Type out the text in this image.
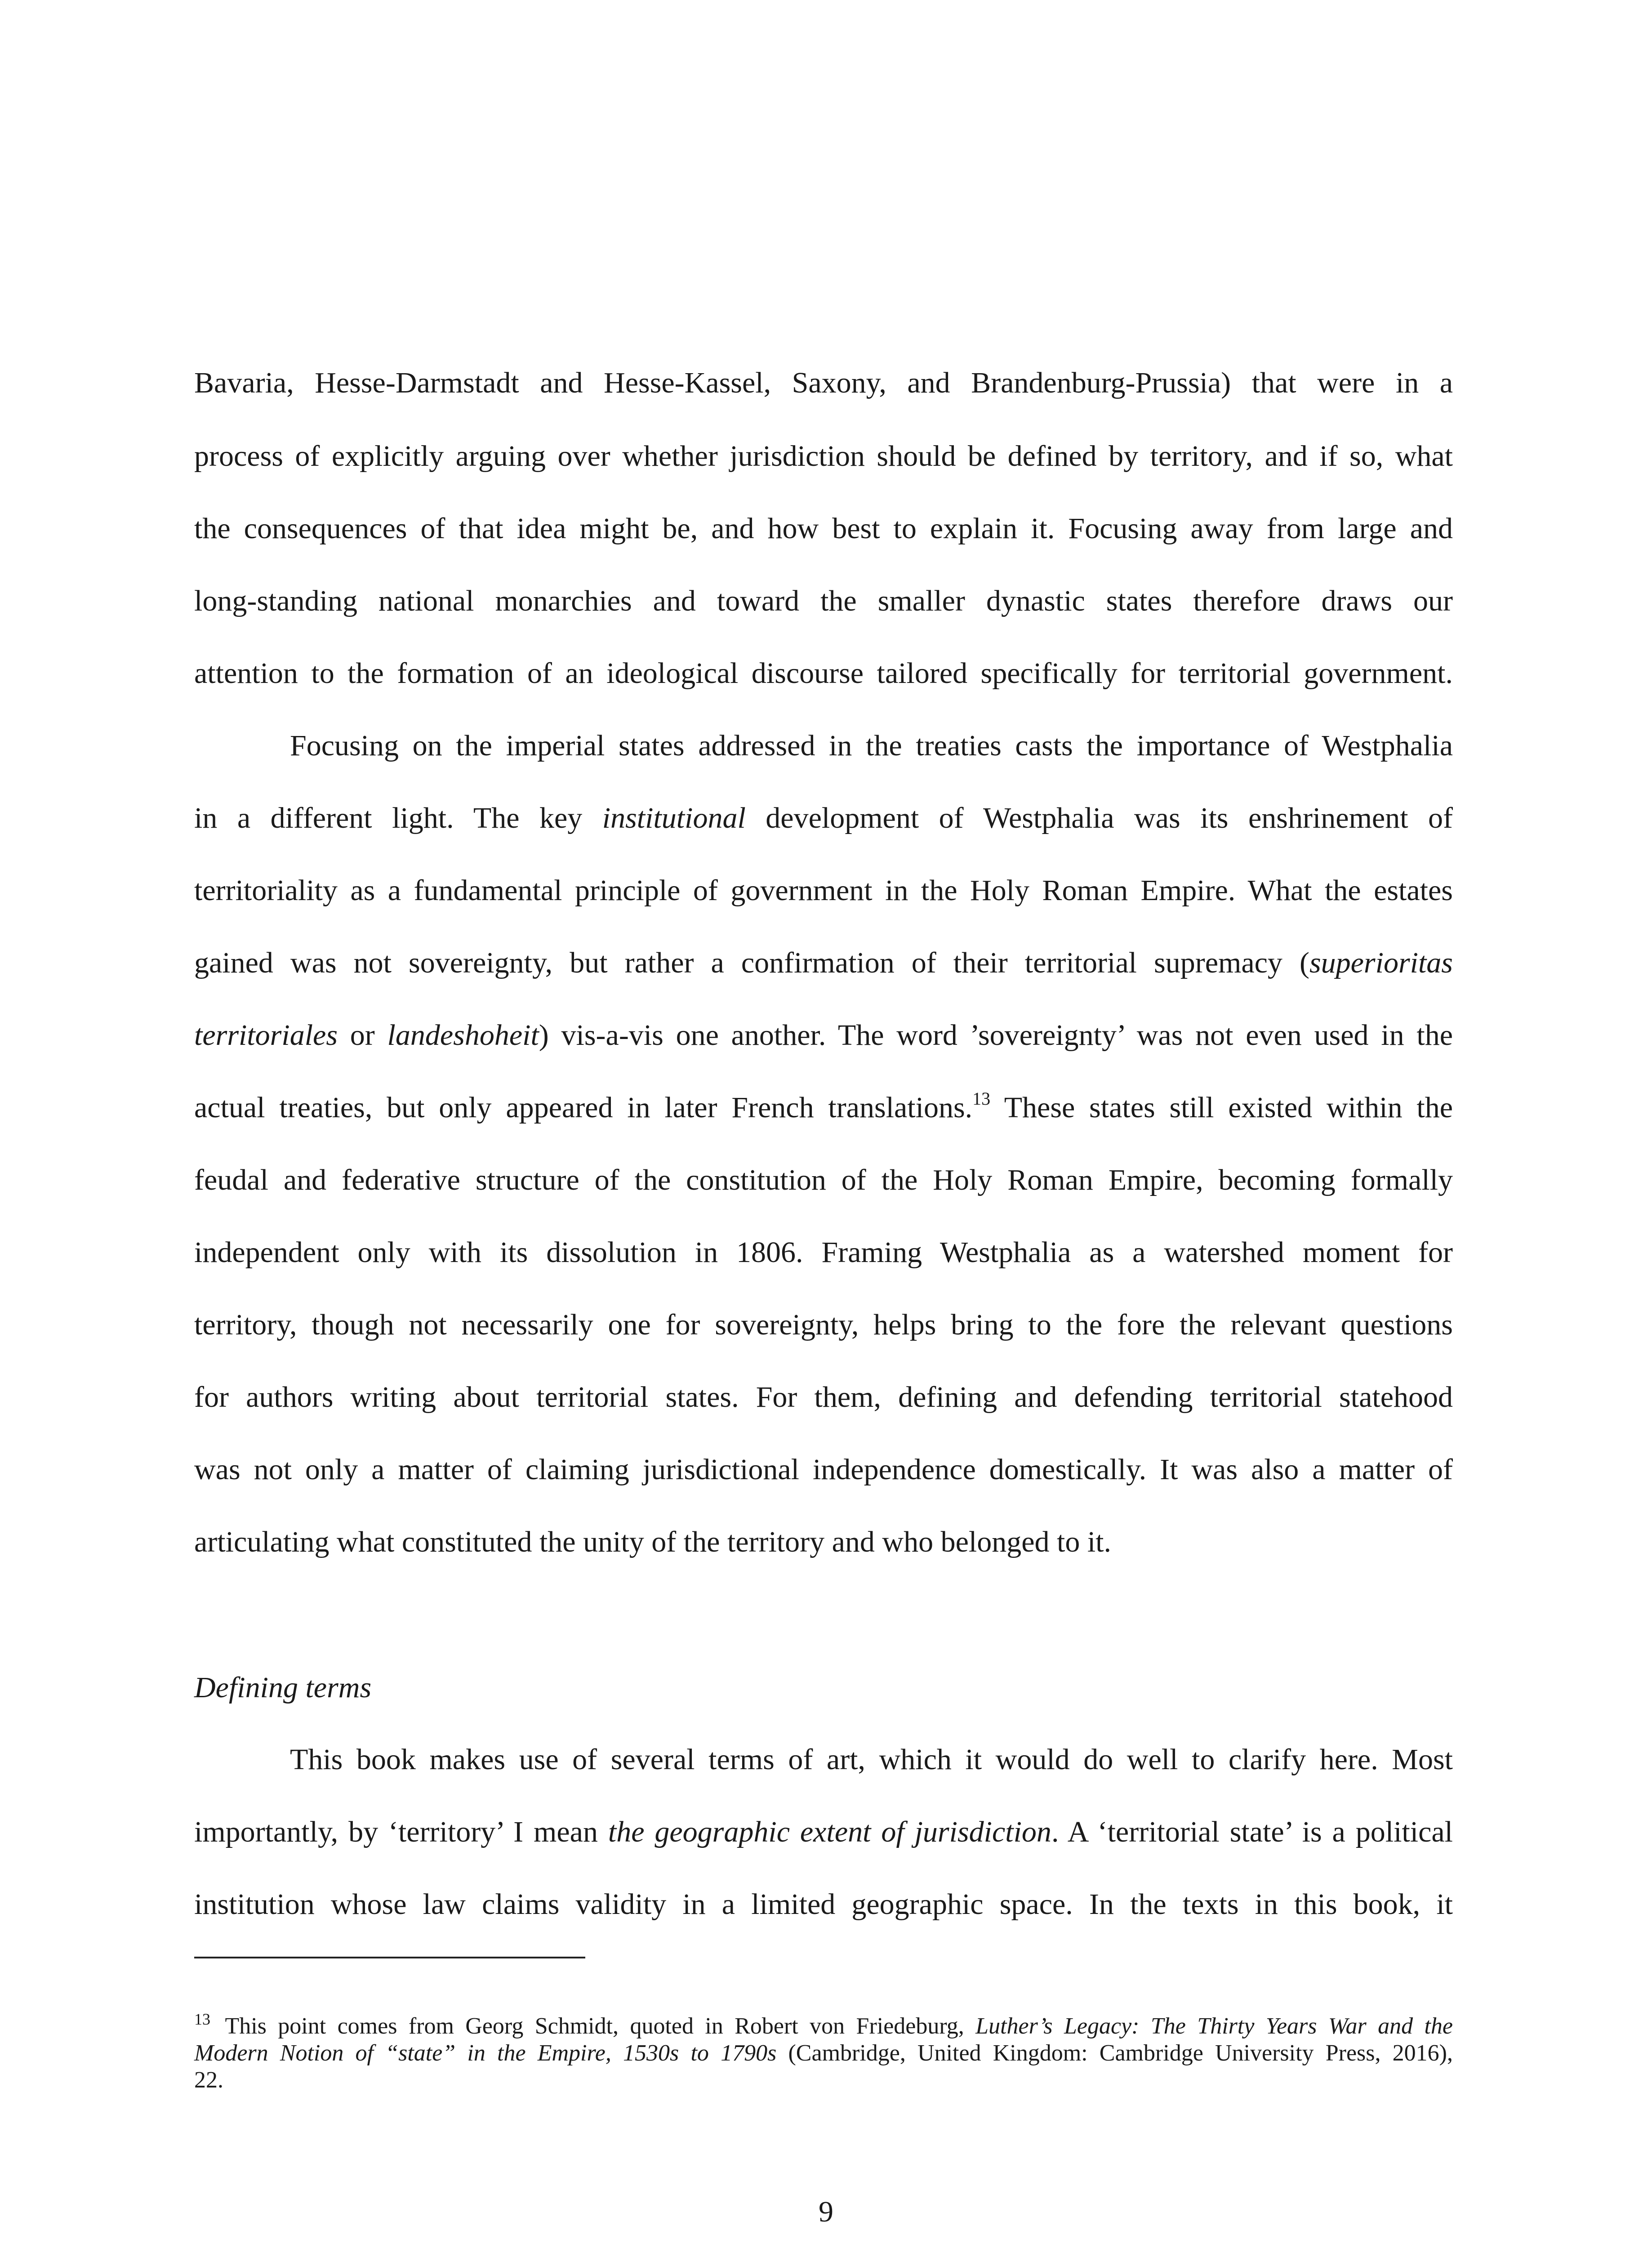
Bavaria, Hesse-Darmstadt and Hesse-Kassel, Saxony, and Brandenburg-Prussia) that were in a
process of explicitly arguing over whether jurisdiction should be defined by territory, and if so, what
the consequences of that idea might be, and how best to explain it. Focusing away from large and
long-standing national monarchies and toward the smaller dynastic states therefore draws our
attention to the formation of an ideological discourse tailored specifically for territorial government.
Focusing on the imperial states addressed in the treaties casts the importance of Westphalia
in a different light. The key institutional development of Westphalia was its enshrinement of
territoriality as a fundamental principle of government in the Holy Roman Empire. What the estates
gained was not sovereignty, but rather a confirmation of their territorial supremacy (superioritas
territoriales or landeshoheit) vis-a-vis one another. The word ’sovereignty’ was not even used in the
actual treaties, but only appeared in later French translations.$^{13}$ These states still existed within the
feudal and federative structure of the constitution of the Holy Roman Empire, becoming formally
independent only with its dissolution in 1806. Framing Westphalia as a watershed moment for
territory, though not necessarily one for sovereignty, helps bring to the fore the relevant questions
for authors writing about territorial states. For them, defining and defending territorial statehood
was not only a matter of claiming jurisdictional independence domestically. It was also a matter of
articulating what constituted the unity of the territory and who belonged to it.
Defining terms
This book makes use of several terms of art, which it would do well to clarify here. Most
importantly, by ‘territory’ I mean the geographic extent of jurisdiction. A ‘territorial state’ is a political
institution whose law claims validity in a limited geographic space. In the texts in this book, it
$^{13}$ This point comes from Georg Schmidt, quoted in Robert von Friedeburg, Luther’s Legacy: The Thirty Years War and the
Modern Notion of “state” in the Empire, 1530s to 1790s (Cambridge, United Kingdom: Cambridge University Press, 2016),
22.
9
